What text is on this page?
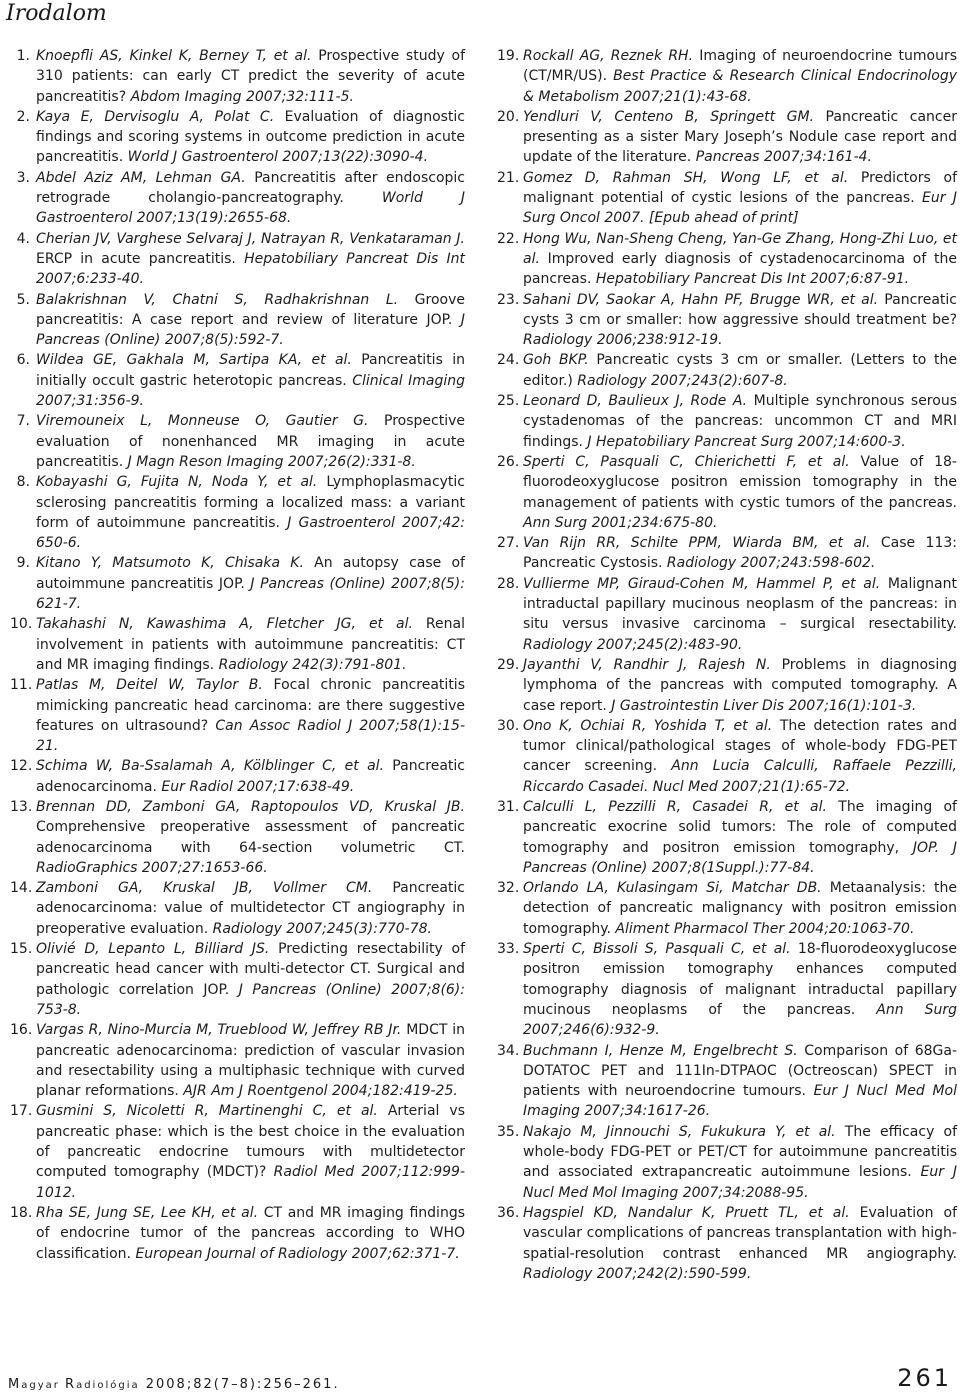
Irodalom
1. Knoepfli AS, Kinkel K, Berney T, et al. Prospective study of 310 patients: can early CT predict the severity of acute pancreatitis? Abdom Imaging 2007;32:111-5.
2. Kaya E, Dervisoglu A, Polat C. Evaluation of diagnostic findings and scoring systems in outcome prediction in acute pancreatitis. World J Gastroenterol 2007;13(22):3090-4.
3. Abdel Aziz AM, Lehman GA. Pancreatitis after endoscopic retrograde cholangio-pancreatography. World J Gastroenterol 2007;13(19):2655-68.
4. Cherian JV, Varghese Selvaraj J, Natrayan R, Venkataraman J. ERCP in acute pancreatitis. Hepatobiliary Pancreat Dis Int 2007;6:233-40.
5. Balakrishnan V, Chatni S, Radhakrishnan L. Groove pancreatitis: A case report and review of literature JOP. J Pancreas (Online) 2007;8(5):592-7.
6. Wildea GE, Gakhala M, Sartipa KA, et al. Pancreatitis in initially occult gastric heterotopic pancreas. Clinical Imaging 2007;31:356-9.
7. Viremouneix L, Monneuse O, Gautier G. Prospective evaluation of nonenhanced MR imaging in acute pancreatitis. J Magn Reson Imaging 2007;26(2):331-8.
8. Kobayashi G, Fujita N, Noda Y, et al. Lymphoplasmacytic sclerosing pancreatitis forming a localized mass: a variant form of autoimmune pancreatitis. J Gastroenterol 2007;42: 650-6.
9. Kitano Y, Matsumoto K, Chisaka K. An autopsy case of autoimmune pancreatitis JOP. J Pancreas (Online) 2007;8(5): 621-7.
10. Takahashi N, Kawashima A, Fletcher JG, et al. Renal involvement in patients with autoimmune pancreatitis: CT and MR imaging findings. Radiology 242(3):791-801.
11. Patlas M, Deitel W, Taylor B. Focal chronic pancreatitis mimicking pancreatic head carcinoma: are there suggestive features on ultrasound? Can Assoc Radiol J 2007;58(1):15-21.
12. Schima W, Ba-Ssalamah A, Kölblinger C, et al. Pancreatic adenocarcinoma. Eur Radiol 2007;17:638-49.
13. Brennan DD, Zamboni GA, Raptopoulos VD, Kruskal JB. Comprehensive preoperative assessment of pancreatic adenocarcinoma with 64-section volumetric CT. RadioGraphics 2007;27:1653-66.
14. Zamboni GA, Kruskal JB, Vollmer CM. Pancreatic adenocarcinoma: value of multidetector CT angiography in preoperative evaluation. Radiology 2007;245(3):770-78.
15. Olivié D, Lepanto L, Billiard JS. Predicting resectability of pancreatic head cancer with multi-detector CT. Surgical and pathologic correlation JOP. J Pancreas (Online) 2007;8(6): 753-8.
16. Vargas R, Nino-Murcia M, Trueblood W, Jeffrey RB Jr. MDCT in pancreatic adenocarcinoma: prediction of vascular invasion and resectability using a multiphasic technique with curved planar reformations. AJR Am J Roentgenol 2004;182:419-25.
17. Gusmini S, Nicoletti R, Martinenghi C, et al. Arterial vs pancreatic phase: which is the best choice in the evaluation of pancreatic endocrine tumours with multidetector computed tomography (MDCT)? Radiol Med 2007;112:999-1012.
18. Rha SE, Jung SE, Lee KH, et al. CT and MR imaging findings of endocrine tumor of the pancreas according to WHO classification. European Journal of Radiology 2007;62:371-7.
19. Rockall AG, Reznek RH. Imaging of neuroendocrine tumours (CT/MR/US). Best Practice & Research Clinical Endocrinology & Metabolism 2007;21(1):43-68.
20. Yendluri V, Centeno B, Springett GM. Pancreatic cancer presenting as a sister Mary Joseph’s Nodule case report and update of the literature. Pancreas 2007;34:161-4.
21. Gomez D, Rahman SH, Wong LF, et al. Predictors of malignant potential of cystic lesions of the pancreas. Eur J Surg Oncol 2007. [Epub ahead of print]
22. Hong Wu, Nan-Sheng Cheng, Yan-Ge Zhang, Hong-Zhi Luo, et al. Improved early diagnosis of cystadenocarcinoma of the pancreas. Hepatobiliary Pancreat Dis Int 2007;6:87-91.
23. Sahani DV, Saokar A, Hahn PF, Brugge WR, et al. Pancreatic cysts 3 cm or smaller: how aggressive should treatment be? Radiology 2006;238:912-19.
24. Goh BKP. Pancreatic cysts 3 cm or smaller. (Letters to the editor.) Radiology 2007;243(2):607-8.
25. Leonard D, Baulieux J, Rode A. Multiple synchronous serous cystadenomas of the pancreas: uncommon CT and MRI findings. J Hepatobiliary Pancreat Surg 2007;14:600-3.
26. Sperti C, Pasquali C, Chierichetti F, et al. Value of 18-fluorodeoxyglucose positron emission tomography in the management of patients with cystic tumors of the pancreas. Ann Surg 2001;234:675-80.
27. Van Rijn RR, Schilte PPM, Wiarda BM, et al. Case 113: Pancreatic Cystosis. Radiology 2007;243:598-602.
28. Vullierme MP, Giraud-Cohen M, Hammel P, et al. Malignant intraductal papillary mucinous neoplasm of the pancreas: in situ versus invasive carcinoma – surgical resectability. Radiology 2007;245(2):483-90.
29. Jayanthi V, Randhir J, Rajesh N. Problems in diagnosing lymphoma of the pancreas with computed tomography. A case report. J Gastrointestin Liver Dis 2007;16(1):101-3.
30. Ono K, Ochiai R, Yoshida T, et al. The detection rates and tumor clinical/pathological stages of whole-body FDG-PET cancer screening. Ann Lucia Calculli, Raffaele Pezzilli, Riccardo Casadei. Nucl Med 2007;21(1):65-72.
31. Calculli L, Pezzilli R, Casadei R, et al. The imaging of pancreatic exocrine solid tumors: The role of computed tomography and positron emission tomography, JOP. J Pancreas (Online) 2007;8(1Suppl.):77-84.
32. Orlando LA, Kulasingam Si, Matchar DB. Metaanalysis: the detection of pancreatic malignancy with positron emission tomography. Aliment Pharmacol Ther 2004;20:1063-70.
33. Sperti C, Bissoli S, Pasquali C, et al. 18-fluorodeoxyglucose positron emission tomography enhances computed tomography diagnosis of malignant intraductal papillary mucinous neoplasms of the pancreas. Ann Surg 2007;246(6):932-9.
34. Buchmann I, Henze M, Engelbrecht S. Comparison of 68Ga-DOTATOC PET and 111In-DTPAOC (Octreoscan) SPECT in patients with neuroendocrine tumours. Eur J Nucl Med Mol Imaging 2007;34:1617-26.
35. Nakajo M, Jinnouchi S, Fukukura Y, et al. The efficacy of whole-body FDG-PET or PET/CT for autoimmune pancreatitis and associated extrapancreatic autoimmune lesions. Eur J Nucl Med Mol Imaging 2007;34:2088-95.
36. Hagspiel KD, Nandalur K, Pruett TL, et al. Evaluation of vascular complications of pancreas transplantation with high-spatial-resolution contrast enhanced MR angiography. Radiology 2007;242(2):590-599.
Magyar Radiológia 2008;82(7–8):256–261.	261
